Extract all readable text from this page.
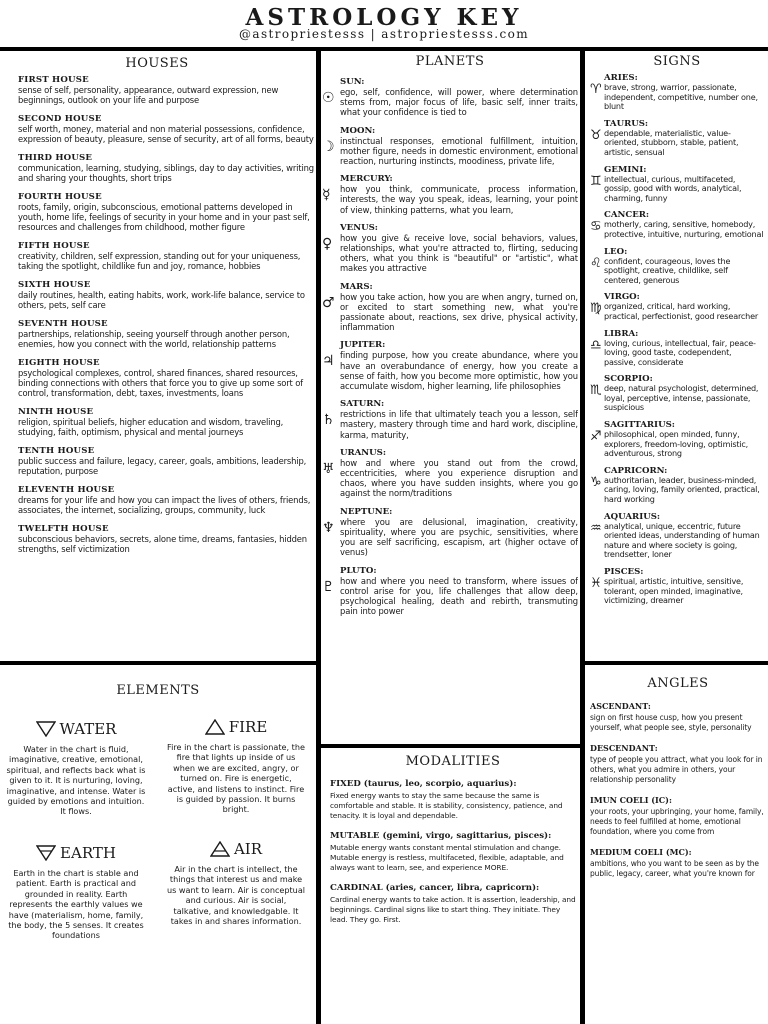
ASTROLOGY KEY
@astropriestesss | astropriestesss.com
HOUSES
FIRST HOUSE
sense of self, personality, appearance, outward expression, new beginnings, outlook on your life and purpose
SECOND HOUSE
self worth, money, material and non material possessions, confidence, expression of beauty, pleasure, sense of security, art of all forms, beauty
THIRD HOUSE
communication, learning, studying, siblings, day to day activities, writing and sharing your thoughts, short trips
FOURTH HOUSE
roots, family, origin, subconscious, emotional patterns developed in youth, home life, feelings of security in your home and in your past self, resources and challenges from childhood, mother figure
FIFTH HOUSE
creativity, children, self expression, standing out for your uniqueness, taking the spotlight, childlike fun and joy, romance, hobbies
SIXTH HOUSE
daily routines, health, eating habits, work, work-life balance, service to others, pets, self care
SEVENTH HOUSE
partnerships, relationship, seeing yourself through another person, enemies, how you connect with the world, relationship patterns
EIGHTH HOUSE
psychological complexes, control, shared finances, shared resources, binding connections with others that force you to give up some sort of control, transformation, debt, taxes, investments, loans
NINTH HOUSE
religion, spiritual beliefs, higher education and wisdom, traveling, studying, faith, optimism, physical and mental journeys
TENTH HOUSE
public success and failure, legacy, career, goals, ambitions, leadership, reputation, purpose
ELEVENTH HOUSE
dreams for your life and how you can impact the lives of others, friends, associates, the internet, socializing, groups, community, luck
TWELFTH HOUSE
subconscious behaviors, secrets, alone time, dreams, fantasies, hidden strengths, self victimization
PLANETS
☉
SUN:
ego, self, confidence, will power, where determination stems from, major focus of life, basic self, inner traits, what your confidence is tied to
☽
MOON:
instinctual responses, emotional fulfillment, intuition, mother figure, needs in domestic environment, emotional reaction, nurturing instincts, moodiness, private life,
☿
MERCURY:
how you think, communicate, process information, interests, the way you speak, ideas, learning, your point of view, thinking patterns, what you learn,
♀
VENUS:
how you give & receive love, social behaviors, values, relationships, what you're attracted to, flirting, seducing others, what you think is "beautiful" or "artistic", what makes you attractive
♂
MARS:
how you take action, how you are when angry, turned on, or excited to start something new, what you're passionate about, reactions, sex drive, physical activity, inflammation
♃
JUPITER:
finding purpose, how you create abundance, where you have an overabundance of energy, how you create a sense of faith, how you become more optimistic, how you accumulate wisdom, higher learning, life philosophies
♄
SATURN:
restrictions in life that ultimately teach you a lesson, self mastery, mastery through time and hard work, discipline, karma, maturity,
♅
URANUS:
how and where you stand out from the crowd, eccentricities, where you experience disruption and chaos, where you have sudden insights, where you go against the norm/traditions
♆
NEPTUNE:
where you are delusional, imagination, creativity, spirituality, where you are psychic, sensitivities, where you are self sacrificing, escapism, art (higher octave of venus)
♇
PLUTO:
how and where you need to transform, where issues of control arise for you, life challenges that allow deep, psychological healing, death and rebirth, transmuting pain into power
SIGNS
♈
ARIES:
brave, strong, warrior, passionate, independent, competitive, number one, blunt
♉
TAURUS:
dependable, materialistic, value-oriented, stubborn, stable, patient, artistic, sensual
♊
GEMINI:
intellectual, curious, multifaceted, gossip, good with words, analytical, charming, funny
♋
CANCER:
motherly, caring, sensitive, homebody, protective, intuitive, nurturing, emotional
♌
LEO:
confident, courageous, loves the spotlight, creative, childlike, self centered, generous
♍
VIRGO:
organized, critical, hard working, practical, perfectionist, good researcher
♎
LIBRA:
loving, curious, intellectual, fair, peace-loving, good taste, codependent, passive, considerate
♏
SCORPIO:
deep, natural psychologist, determined, loyal, perceptive, intense, passionate, suspicious
♐
SAGITTARIUS:
philosophical, open minded, funny, explorers, freedom-loving, optimistic, adventurous, strong
♑
CAPRICORN:
authoritarian, leader, business-minded, caring, loving, family oriented, practical, hard working
♒
AQUARIUS:
analytical, unique, eccentric, future oriented ideas, understanding of human nature and where society is going, trendsetter, loner
♓
PISCES:
spiritual, artistic, intuitive, sensitive, tolerant, open minded, imaginative, victimizing, dreamer
ELEMENTS
WATER
Water in the chart is fluid, imaginative, creative, emotional, spiritual, and reflects back what is given to it. It is nurturing, loving, imaginative, and intense. Water is guided by emotions and intuition. It flows.
FIRE
Fire in the chart is passionate, the fire that lights up inside of us when we are excited, angry, or turned on. Fire is energetic, active, and listens to instinct. Fire is guided by passion. It burns bright.
EARTH
Earth in the chart is stable and patient. Earth is practical and grounded in reality. Earth represents the earthly values we have (materialism, home, family, the body, the 5 senses. It creates foundations
AIR
Air in the chart is intellect, the things that interest us and make us want to learn. Air is conceptual and curious. Air is social, talkative, and knowledgable. It takes in and shares information.
MODALITIES
FIXED (taurus, leo, scorpio, aquarius):
Fixed energy wants to stay the same because the same is comfortable and stable. It is stability, consistency, patience, and tenacity. It is loyal and dependable.
MUTABLE (gemini, virgo, sagittarius, pisces):
Mutable energy wants constant mental stimulation and change. Mutable energy is restless, multifaceted, flexible, adaptable, and always want to learn, see, and experience MORE.
CARDINAL (aries, cancer, libra, capricorn):
Cardinal energy wants to take action. It is assertion, leadership, and beginnings. Cardinal signs like to start thing. They initiate. They lead. They go. First.
ANGLES
ASCENDANT:
sign on first house cusp, how you present yourself, what people see, style, personality
DESCENDANT:
type of people you attract, what you look for in others, what you admire in others, your relationship personality
IMUN COELI (IC):
your roots, your upbringing, your home, family, needs to feel fulfilled at home, emotional foundation, where you come from
MEDIUM COELI (MC):
ambitions, who you want to be seen as by the public, legacy, career, what you're known for
